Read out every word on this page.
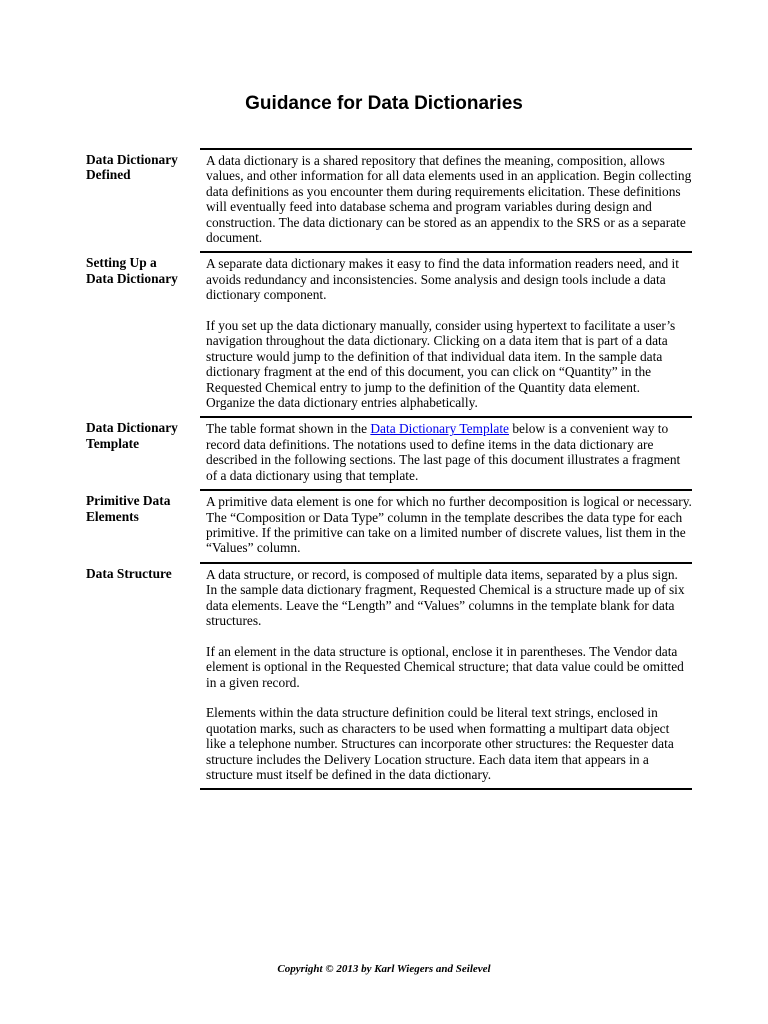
Guidance for Data Dictionaries
Data Dictionary
Defined

A data dictionary is a shared repository that defines the meaning, composition, allows values, and other information for all data elements used in an application. Begin collecting data definitions as you encounter them during requirements elicitation. These definitions will eventually feed into database schema and program variables during design and construction. The data dictionary can be stored as an appendix to the SRS or as a separate document.

Setting Up a
Data Dictionary

A separate data dictionary makes it easy to find the data information readers need, and it avoids redundancy and inconsistencies. Some analysis and design tools include a data dictionary component.

If you set up the data dictionary manually, consider using hypertext to facilitate a user’s navigation throughout the data dictionary. Clicking on a data item that is part of a data structure would jump to the definition of that individual data item. In the sample data dictionary fragment at the end of this document, you can click on “Quantity” in the Requested Chemical entry to jump to the definition of the Quantity data element. Organize the data dictionary entries alphabetically.

Data Dictionary
Template

The table format shown in the Data Dictionary Template below is a convenient way to record data definitions. The notations used to define items in the data dictionary are described in the following sections. The last page of this document illustrates a fragment of a data dictionary using that template.

Primitive Data
Elements

A primitive data element is one for which no further decomposition is logical or necessary. The “Composition or Data Type” column in the template describes the data type for each primitive. If the primitive can take on a limited number of discrete values, list them in the “Values” column.

Data Structure	A data structure, or record, is composed of multiple data items, separated by a plus sign. In the sample data dictionary fragment, Requested Chemical is a structure made up of six data elements. Leave the “Length” and “Values” columns in the template blank for data structures.

If an element in the data structure is optional, enclose it in parentheses. The Vendor data element is optional in the Requested Chemical structure; that data value could be omitted in a given record.

Elements within the data structure definition could be literal text strings, enclosed in quotation marks, such as characters to be used when formatting a multipart data object like a telephone number. Structures can incorporate other structures: the Requester data structure includes the Delivery Location structure. Each data item that appears in a structure must itself be defined in the data dictionary.

Copyright © 2013 by Karl Wiegers and Seilevel
